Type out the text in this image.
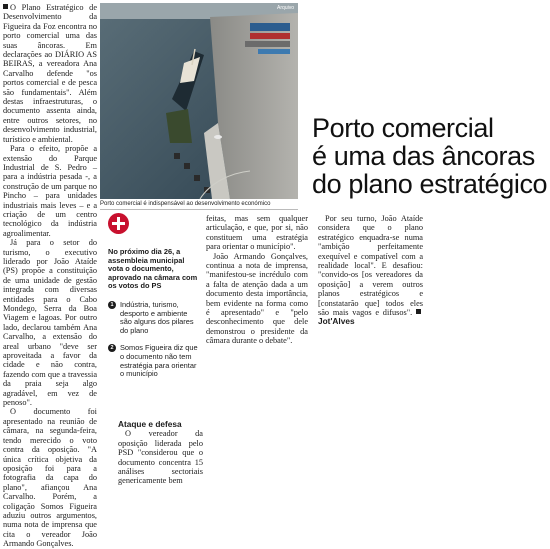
O Plano Estratégico de Desenvolvimento da Figueira da Foz encontra no porto comercial uma das suas âncoras. Em declarações ao DIÁRIO AS BEIRAS, a vereadora Ana Carvalho defende "os portos comercial e de pesca são fundamentais". Além destas infraestruturas, o documento assenta ainda, entre outros setores, no desenvolvimento industrial, turístico e ambiental.

Para o efeito, propõe a extensão do Parque Industrial de S. Pedro – para a indústria pesada -, a construção de um parque no Pincho – para unidades industriais mais leves – e a criação de um centro tecnológico da indústria agroalimentar.

Já para o setor do turismo, o executivo liderado por João Ataíde (PS) propõe a constituição de uma unidade de gestão integrada com diversas entidades para o Cabo Mondego, Serra da Boa Viagem e lagoas. Por outro lado, declarou também Ana Carvalho, a extensão do areal urbano "deve ser aproveitada a favor da cidade e não contra, fazendo com que a travessia da praia seja algo agradável, em vez de penoso".

O documento foi apresentado na reunião de câmara, na segunda-feira, tendo merecido o voto contra da oposição. "A única crítica objetiva da oposição foi para a fotografia da capa do plano", afiançou Ana Carvalho. Porém, a coligação Somos Figueira aduziu outros argumentos, numa nota de imprensa que cita o vereador João Armando Gonçalves.

Arquivo
Porto comercial é indispensável ao desenvolvimento económico
Porto comercial
é uma das âncoras
do plano estratégico

No próximo dia 26, a assembleia municipal vota o documento, aprovado na câmara com os votos do PS

1 Indústria, turismo, desporto e ambiente são alguns dos pilares do plano
2 Somos Figueira diz que o documento não tem estratégia para orientar o município

Ataque e defesa

O vereador da oposição liderada pelo PSD "considerou que o documento concentra 15 análises sectoriais genericamente bem

feitas, mas sem qualquer articulação, e que, por si, não constituem uma estratégia para orientar o município".

João Armando Gonçalves, continua a nota de imprensa, "manifestou-se incrédulo com a falta de atenção dada a um documento desta importância, bem evidente na forma como é apresentado" e "pelo desconhecimento que dele demonstrou o presidente da câmara durante o debate".

Por seu turno, João Ataíde considera que o plano estratégico enquadra-se numa "ambição perfeitamente exequível e compatível com a realidade local". E desafiou: "convido-os [os vereadores da oposição] a verem outros planos estratégicos e [constatarão que] todos eles são mais vagos e difusos". Jot'Alves
